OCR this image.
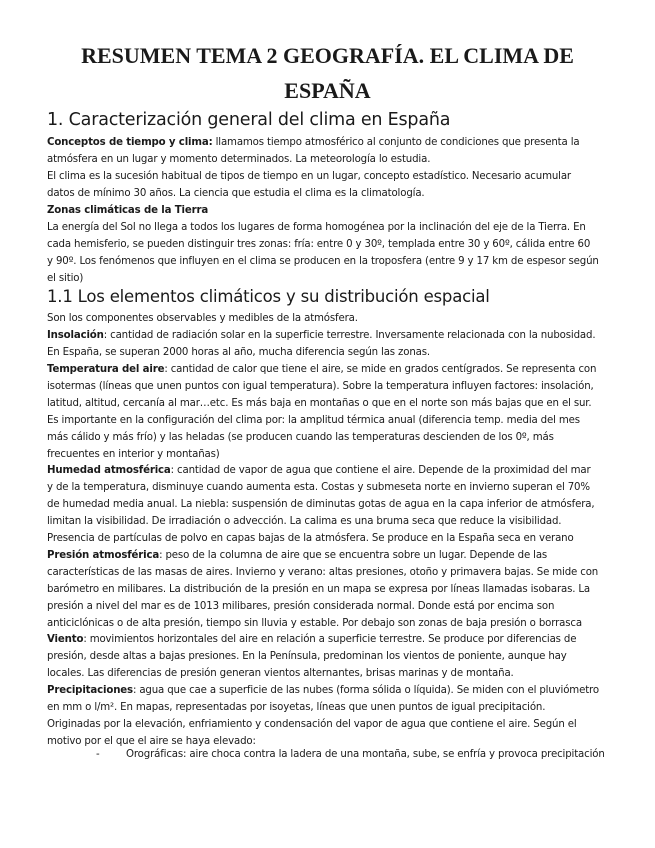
RESUMEN TEMA 2 GEOGRAFÍA. EL CLIMA DE ESPAÑA
1. Caracterización general del clima en España

Conceptos de tiempo y clima: llamamos tiempo atmosférico al conjunto de condiciones que presenta la atmósfera en un lugar y momento determinados. La meteorología lo estudia.

El clima es la sucesión habitual de tipos de tiempo en un lugar, concepto estadístico. Necesario acumular datos de mínimo 30 años. La ciencia que estudia el clima es la climatología.

Zonas climáticas de la Tierra

La energía del Sol no llega a todos los lugares de forma homogénea por la inclinación del eje de la Tierra. En cada hemisferio, se pueden distinguir tres zonas: fría: entre 0 y 30º, templada entre 30 y 60º, cálida entre 60 y 90º. Los fenómenos que influyen en el clima se producen en la troposfera (entre 9 y 17 km de espesor según el sitio)

1.1 Los elementos climáticos y su distribución espacial

Son los componentes observables y medibles de la atmósfera.

Insolación: cantidad de radiación solar en la superficie terrestre. Inversamente relacionada con la nubosidad. En España, se superan 2000 horas al año, mucha diferencia según las zonas.

Temperatura del aire: cantidad de calor que tiene el aire, se mide en grados centígrados. Se representa con isotermas (líneas que unen puntos con igual temperatura). Sobre la temperatura influyen factores: insolación, latitud, altitud, cercanía al mar…etc. Es más baja en montañas o que en el norte son más bajas que en el sur. Es importante en la configuración del clima por: la amplitud térmica anual (diferencia temp. media del mes más cálido y más frío) y las heladas (se producen cuando las temperaturas descienden de los 0º, más frecuentes en interior y montañas)

Humedad atmosférica: cantidad de vapor de agua que contiene el aire. Depende de la proximidad del mar y de la temperatura, disminuye cuando aumenta esta. Costas y submeseta norte en invierno superan el 70% de humedad media anual. La niebla: suspensión de diminutas gotas de agua en la capa inferior de atmósfera, limitan la visibilidad. De irradiación o advección. La calima es una bruma seca que reduce la visibilidad. Presencia de partículas de polvo en capas bajas de la atmósfera. Se produce en la España seca en verano

Presión atmosférica: peso de la columna de aire que se encuentra sobre un lugar. Depende de las características de las masas de aires. Invierno y verano: altas presiones, otoño y primavera bajas. Se mide con barómetro en milibares. La distribución de la presión en un mapa se expresa por líneas llamadas isobaras. La presión a nivel del mar es de 1013 milibares, presión considerada normal. Donde está por encima son anticiclónicas o de alta presión, tiempo sin lluvia y estable. Por debajo son zonas de baja presión o borrasca

Viento: movimientos horizontales del aire en relación a superficie terrestre. Se produce por diferencias de presión, desde altas a bajas presiones. En la Península, predominan los vientos de poniente, aunque hay locales. Las diferencias de presión generan vientos alternantes, brisas marinas y de montaña.

Precipitaciones: agua que cae a superficie de las nubes (forma sólida o líquida). Se miden con el pluviómetro en mm o l/m². En mapas, representadas por isoyetas, líneas que unen puntos de igual precipitación. Originadas por la elevación, enfriamiento y condensación del vapor de agua que contiene el aire. Según el motivo por el que el aire se haya elevado:

-	Orográficas: aire choca contra la ladera de una montaña, sube, se enfría y provoca precipitación
